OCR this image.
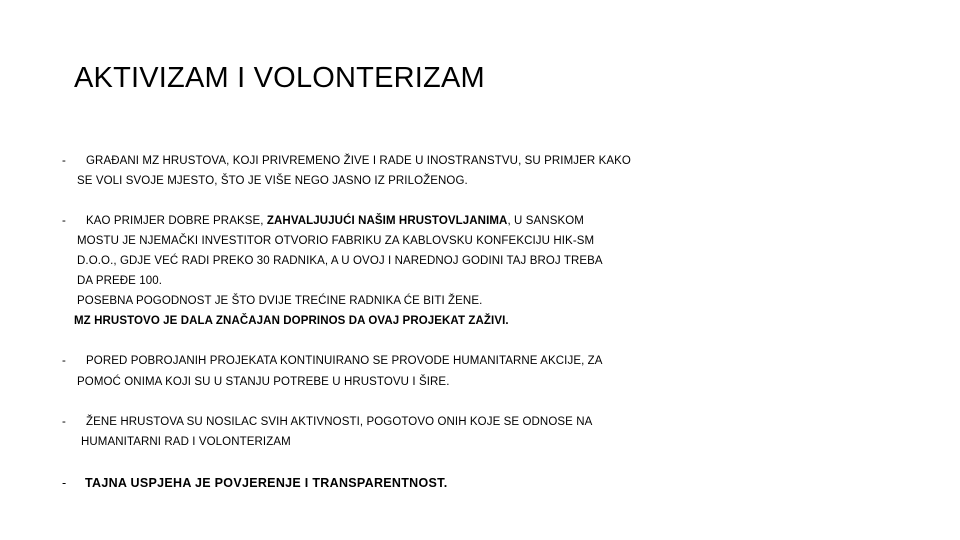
AKTIVIZAM I VOLONTERIZAM
- GRAĐANI MZ HRUSTOVA, KOJI PRIVREMENO ŽIVE I RADE U INOSTRANSTVU, SU PRIMJER KAKO
SE VOLI SVOJE MJESTO, ŠTO JE VIŠE NEGO JASNO IZ PRILOŽENOG.
- KAO PRIMJER DOBRE PRAKSE, ZAHVALJUJUĆI NAŠIM HRUSTOVLJANIMA, U SANSKOM
MOSTU JE NJEMAČKI INVESTITOR OTVORIO FABRIKU ZA KABLOVSKU KONFEKCIJU HIK-SM
D.O.O., GDJE VEĆ RADI PREKO 30 RADNIKA, A U OVOJ I NAREDNOJ GODINI TAJ BROJ TREBA
DA PREĐE 100.
POSEBNA POGODNOST JE ŠTO DVIJE TREĆINE RADNIKA ĆE BITI ŽENE.
MZ HRUSTOVO JE DALA ZNAČAJAN DOPRINOS DA OVAJ PROJEKAT ZAŽIVI.
- PORED POBROJANIH PROJEKATA KONTINUIRANO SE PROVODE HUMANITARNE AKCIJE, ZA
POMOĆ ONIMA KOJI SU U STANJU POTREBE U HRUSTOVU I ŠIRE.
- ŽENE HRUSTOVA SU NOSILAC SVIH AKTIVNOSTI, POGOTOVO ONIH KOJE SE ODNOSE NA
HUMANITARNI RAD I VOLONTERIZAM
- TAJNA USPJEHA JE POVJERENJE I TRANSPARENTNOST.
